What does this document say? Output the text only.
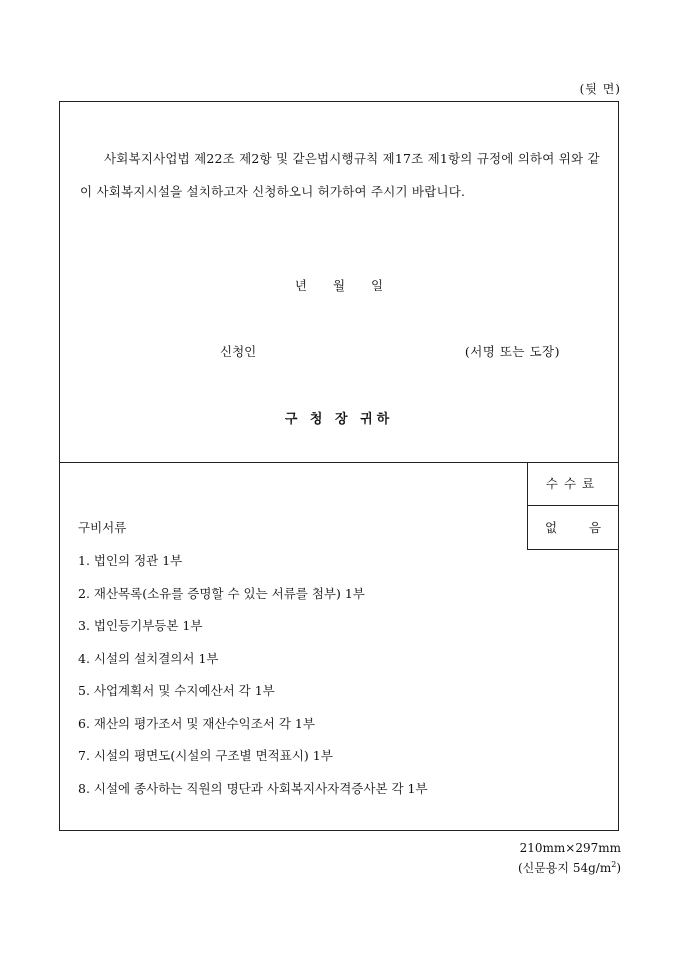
(뒷 면)
사회복지사업법 제22조 제2항 및 같은법시행규칙 제17조 제1항의 규정에 의하여 위와 같이 사회복지시설을 설치하고자 신청하오니 허가하여 주시기 바랍니다.
년 월 일
신청인	(서명 또는 도장)
구 청 장 귀하
수수료
없 음
구비서류
1. 법인의 정관 1부
2. 재산목록(소유를 증명할 수 있는 서류를 첨부) 1부
3. 법인등기부등본 1부
4. 시설의 설치결의서 1부
5. 사업계획서 및 수지예산서 각 1부
6. 재산의 평가조서 및 재산수익조서 각 1부
7. 시설의 평면도(시설의 구조별 면적표시) 1부
8. 시설에 종사하는 직원의 명단과 사회복지사자격증사본 각 1부
210mm×297mm
(신문용지 $54g/m^2$)
